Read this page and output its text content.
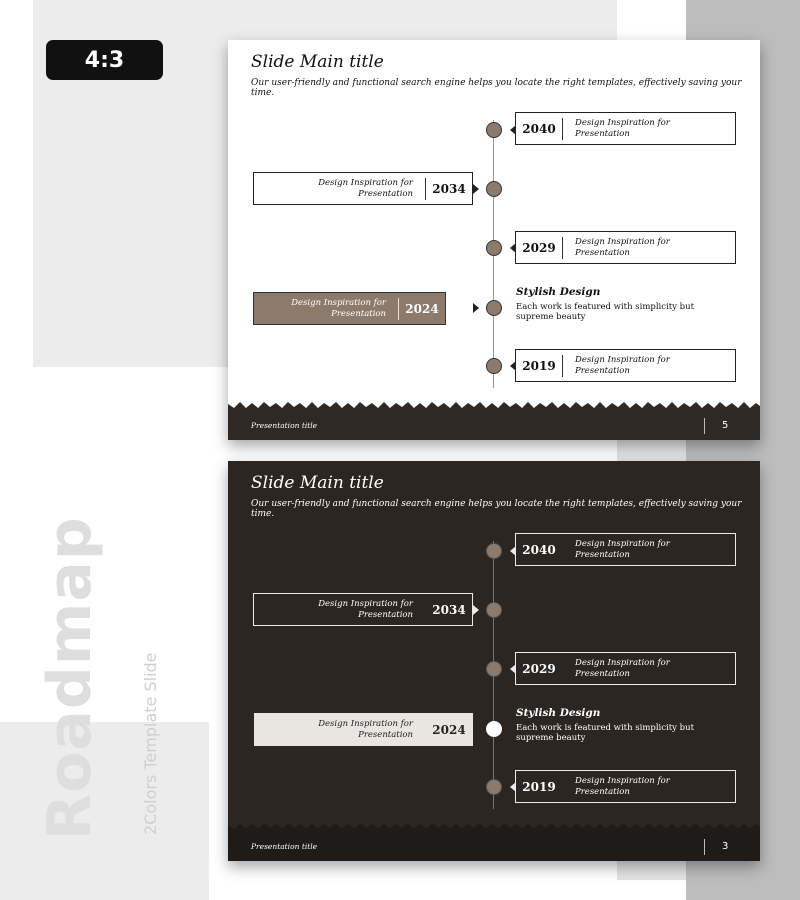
4:3
Roadmap 2Colors Template Slide
Slide Main title
Our user-friendly and functional search engine helps you locate the right templates, effectively saving your time.
2040	Design Inspiration for Presentation
Design Inspiration for Presentation	2034
2029	Design Inspiration for Presentation
Design Inspiration for Presentation	2024
Stylish Design
Each work is featured with simplicity but supreme beauty
2019	Design Inspiration for Presentation
Presentation title	5
Slide Main title
Our user-friendly and functional search engine helps you locate the right templates, effectively saving your time.
2040	Design Inspiration for Presentation
Design Inspiration for Presentation	2034
2029	Design Inspiration for Presentation
Design Inspiration for Presentation	2024
Stylish Design
Each work is featured with simplicity but supreme beauty
2019	Design Inspiration for Presentation
Presentation title	3
